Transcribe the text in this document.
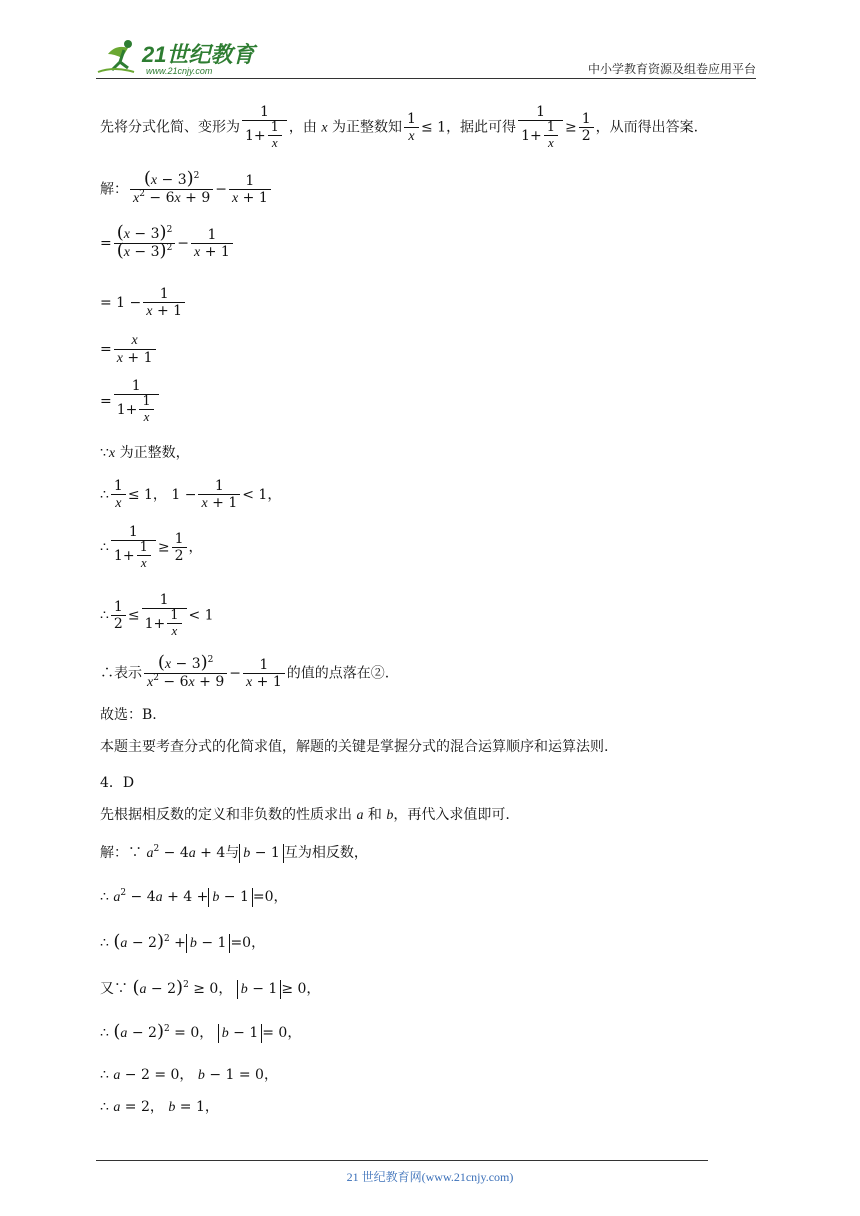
21世纪教育
www.21cnjy.com	中小学教育资源及组卷应用平台
先将分式化简、变形为 $\frac{1}{1+ \frac{1}{x}}$ ，由 x 为正整数知 $\frac{1}{x} \le 1$，据此可得 $\frac{1}{1+ \frac{1}{x}} \ge \frac{1}{2}$ ，从而得出答案.
解： $\frac{(x - 3)^2}{x^2 - 6x + 9} - \frac{1}{x + 1}$
= $\frac{(x - 3)^2}{(x - 3)^2} - \frac{1}{x + 1}$
= $1 - \frac{1}{x + 1}$
= $\frac{x}{x + 1}$
= $\frac{1}{1+ \frac{1}{x}}$
∵x 为正整数，
∴ $\frac{1}{x} \le 1$， $1 - \frac{1}{x + 1} < 1$，
∴ $\frac{1}{1+ \frac{1}{x}} \ge \frac{1}{2}$ ，
∴ $\frac{1}{2} \le \frac{1}{1+ \frac{1}{x}} < 1$
∴表示 $\frac{(x - 3)^2}{x^2 - 6x + 9} - \frac{1}{x + 1}$ 的值的点落在②.
故选：B.
本题主要考查分式的化简求值，解题的关键是掌握分式的混合运算顺序和运算法则.
4．D
先根据相反数的定义和非负数的性质求出 a 和 b，再代入求值即可.
解：∵ $a^2 - 4a + 4$与 b − 1 互为相反数，
∴ $a^2 - 4a + 4 + b - 1 =0$，
∴ $(a - 2)^2 + b - 1 =0$，
又∵ $(a - 2)^2 \ge 0$， b − 1 ≥ 0，
∴ $(a - 2)^2 = 0$， b − 1 = 0，
∴ a − 2 = 0， b − 1 = 0，
∴ a = 2， b = 1，
21 世纪教育网(www.21cnjy.com)
